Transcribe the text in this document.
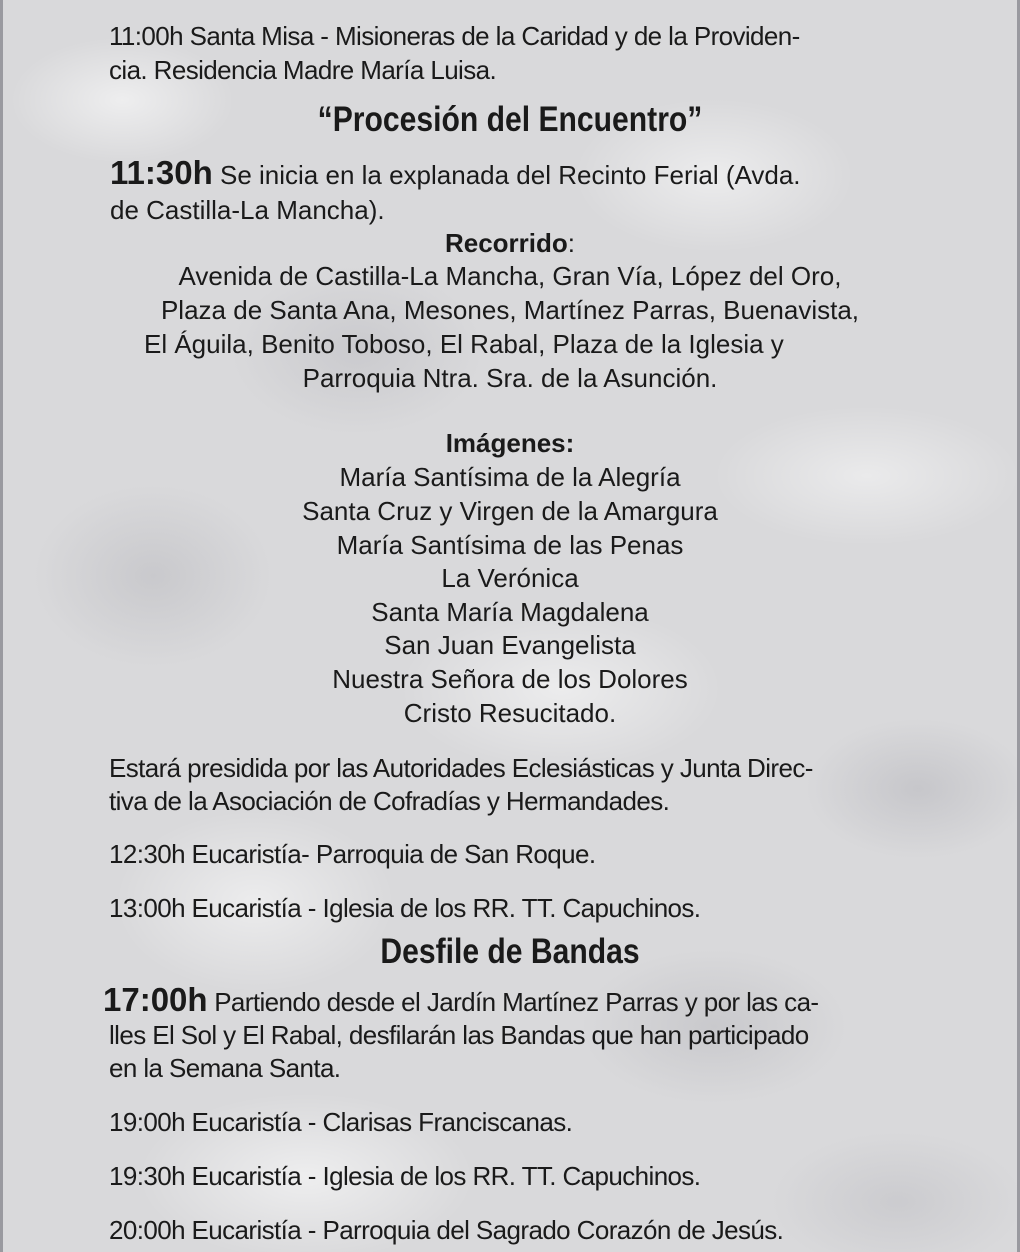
11:00h Santa Misa - Misioneras de la Caridad y de la Providen-
cia. Residencia Madre María Luisa.
“Procesión del Encuentro”
11:30h Se inicia en la explanada del Recinto Ferial (Avda.
de Castilla-La Mancha).
Recorrido:
Avenida de Castilla-La Mancha, Gran Vía, López del Oro,
Plaza de Santa Ana, Mesones, Martínez Parras, Buenavista,
El Águila, Benito Toboso, El Rabal, Plaza de la Iglesia y
Parroquia Ntra. Sra. de la Asunción.
Imágenes:
María Santísima de la Alegría
Santa Cruz y Virgen de la Amargura
María Santísima de las Penas
La Verónica
Santa María Magdalena
San Juan Evangelista
Nuestra Señora de los Dolores
Cristo Resucitado.
Estará presidida por las Autoridades Eclesiásticas y Junta Direc-
tiva de la Asociación de Cofradías y Hermandades.
12:30h Eucaristía- Parroquia de San Roque.
13:00h Eucaristía - Iglesia de los RR. TT. Capuchinos.
Desfile de Bandas
17:00h Partiendo desde el Jardín Martínez Parras y por las ca-
lles El Sol y El Rabal, desfilarán las Bandas que han participado
en la Semana Santa.
19:00h Eucaristía - Clarisas Franciscanas.
19:30h Eucaristía - Iglesia de los RR. TT. Capuchinos.
20:00h Eucaristía - Parroquia del Sagrado Corazón de Jesús.
